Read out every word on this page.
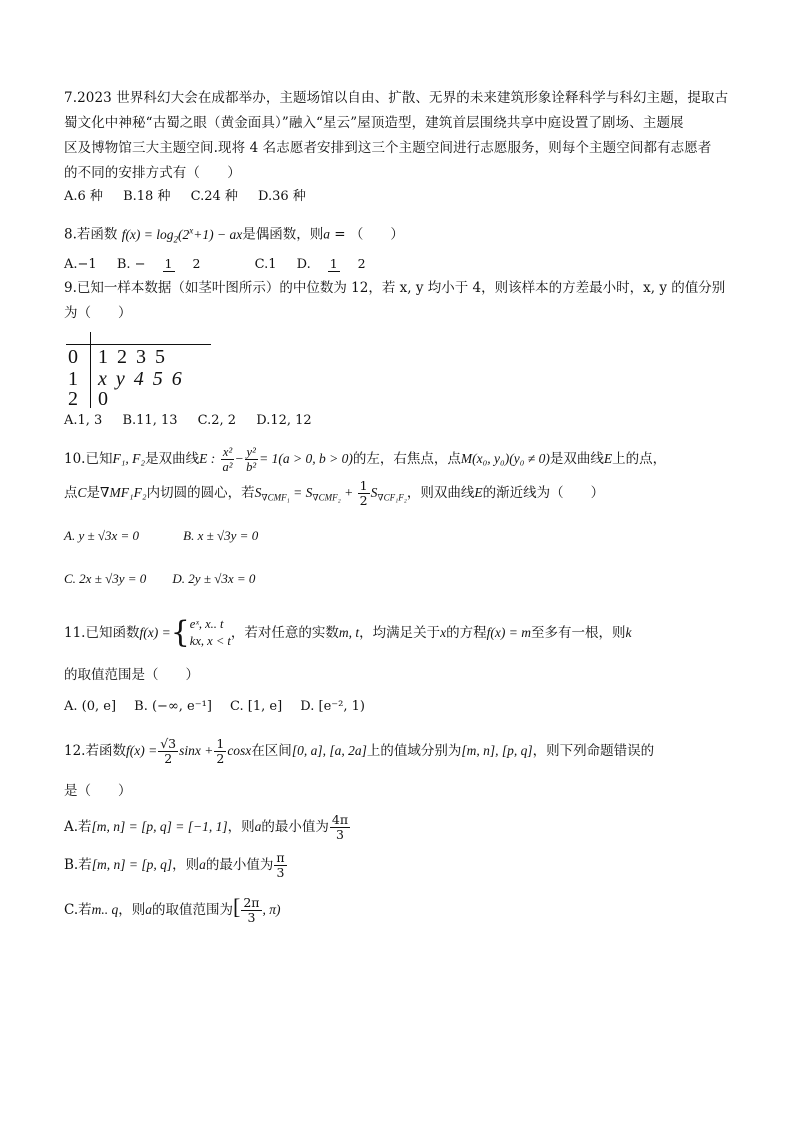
7.2023 世界科幻大会在成都举办，主题场馆以自由、扩散、无界的未来建筑形象诠释科学与科幻主题，提取古
蜀文化中神秘“古蜀之眼（黄金面具）”融入“星云”屋顶造型，建筑首层围绕共享中庭设置了剧场、主题展
区及博物馆三大主题空间.现将 4 名志愿者安排到这三个主题空间进行志愿服务，则每个主题空间都有志愿者
的不同的安排方式有（　　）
A.6 种 B.18 种 C.24 种 D.36 种
8.若函数 $f(x) = \log_2(2^x+1)$ − ax是偶函数，则a = （　　）
A.−1 B. − 1 2	C.1 D. 1 2
9.已知一样本数据（如茎叶图所示）的中位数为 12，若 x, y 均小于 4，则该样本的方差最小时，x, y 的值分别
为（　　）
0 1 2 3 5
1 x y 4 5 6
2 0
A.1, 3 B.11, 13 C.2, 2 D.12, 12
10.已知F₁, F₂是双曲线E : $\frac{\text{x²}}{\text{a²}} - \frac{\text{y²}}{\text{b²}} = 1(a > 0$, b > 0)的左，右焦点，点M(x₀, y₀)(y₀ ≠ 0)是双曲线E上的点，
点C是∇MF₁F₂内切圆的圆心，若$S_{\nabla CMF_1} = S_{\nabla CMF_2} + \frac{1}{2} S_{\nabla CF_1F_2}$，则双曲线E的渐近线为（　　）
A. y ± √3x = 0	B. x ± √3y = 0
C. 2x ± √3y = 0 D. 2y ± √3x = 0
11.已知函数f(x) ={ eˣ, x.. t
kx, x < t
，若对任意的实数m, t，均满足关于x的方程f(x) = m至多有一根，则k
的取值范围是（　　）
A. (0, e] B. (−∞, e⁻¹] C. [1, e] D. [e⁻², 1)
12.若函数$f(x) = \frac{√3}{2}$ $\sin x + \frac{1}{2}$ cosx在区间[0, a], [a, 2a]上的值域分别为[m, n], [p, q]，则下列命题错误的
是（　　）
A.若[m, n] = [p, q] = [−1, 1]，则a的最小值为 $\frac{4\pi}{3}$
B.若[m, n] = [p, q]，则a的最小值为 $\frac{\pi}{3}$
C.若m.. q，则a的取值范围为[ $\frac{2\pi}{3}$ , π)
